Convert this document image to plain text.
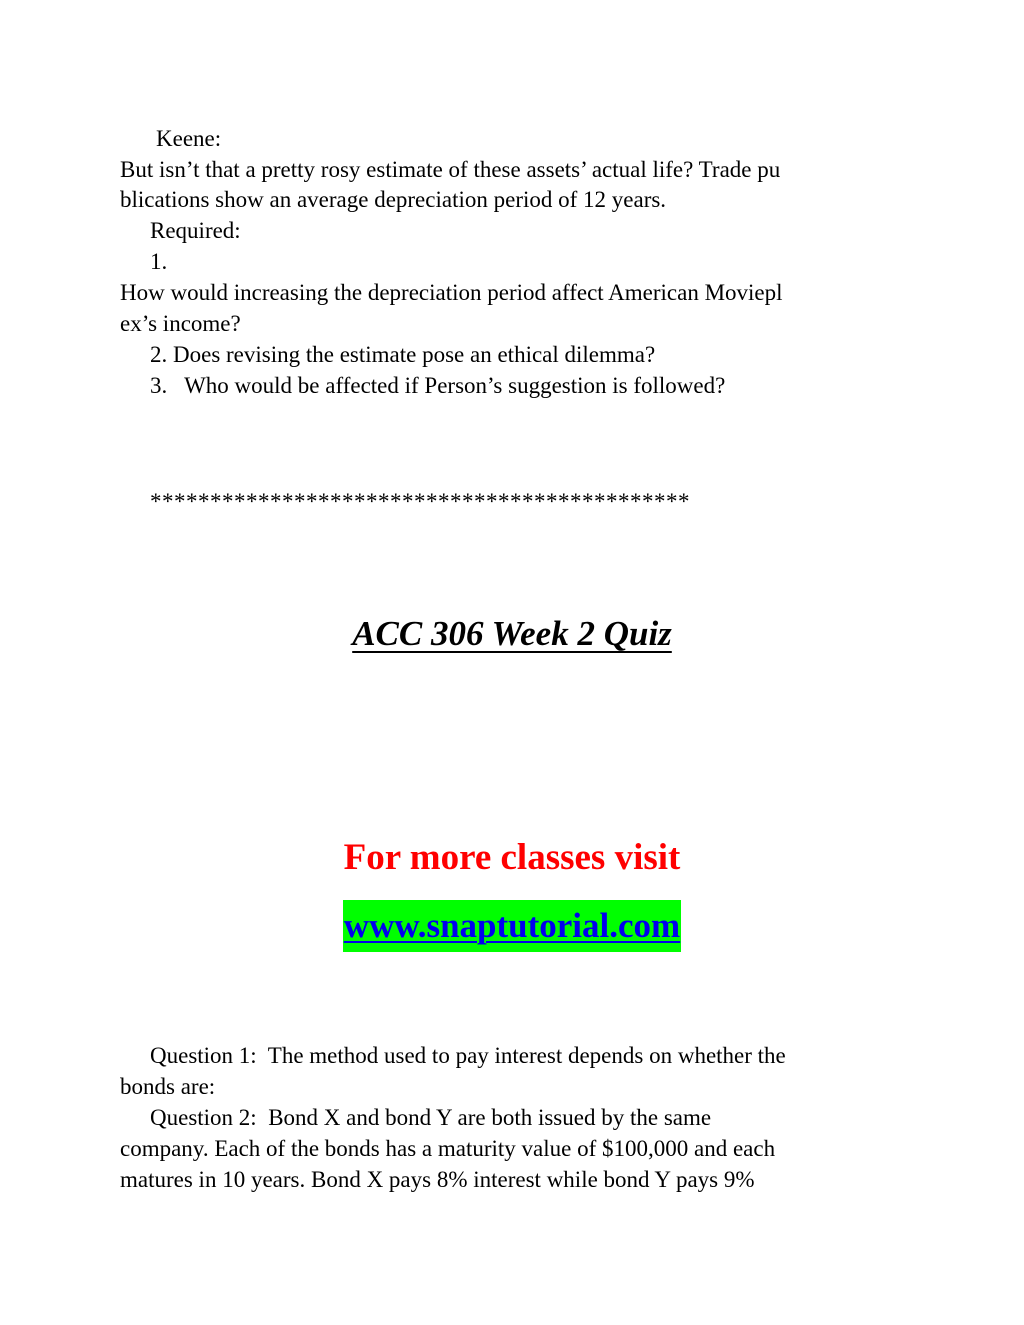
Keene:
But isn’t that a pretty rosy estimate of these assets’ actual life? Trade pu
blications show an average depreciation period of 12 years.
Required:
1.
How would increasing the depreciation period affect American Moviepl
ex’s income?
2. Does revising the estimate pose an ethical dilemma?
3.   Who would be affected if Person’s suggestion is followed?
*********************************************
ACC 306 Week 2 Quiz
For more classes visit
www.snaptutorial.com
Question 1:  The method used to pay interest depends on whether the
bonds are:
Question 2:  Bond X and bond Y are both issued by the same
company. Each of the bonds has a maturity value of $100,000 and each
matures in 10 years. Bond X pays 8% interest while bond Y pays 9%
